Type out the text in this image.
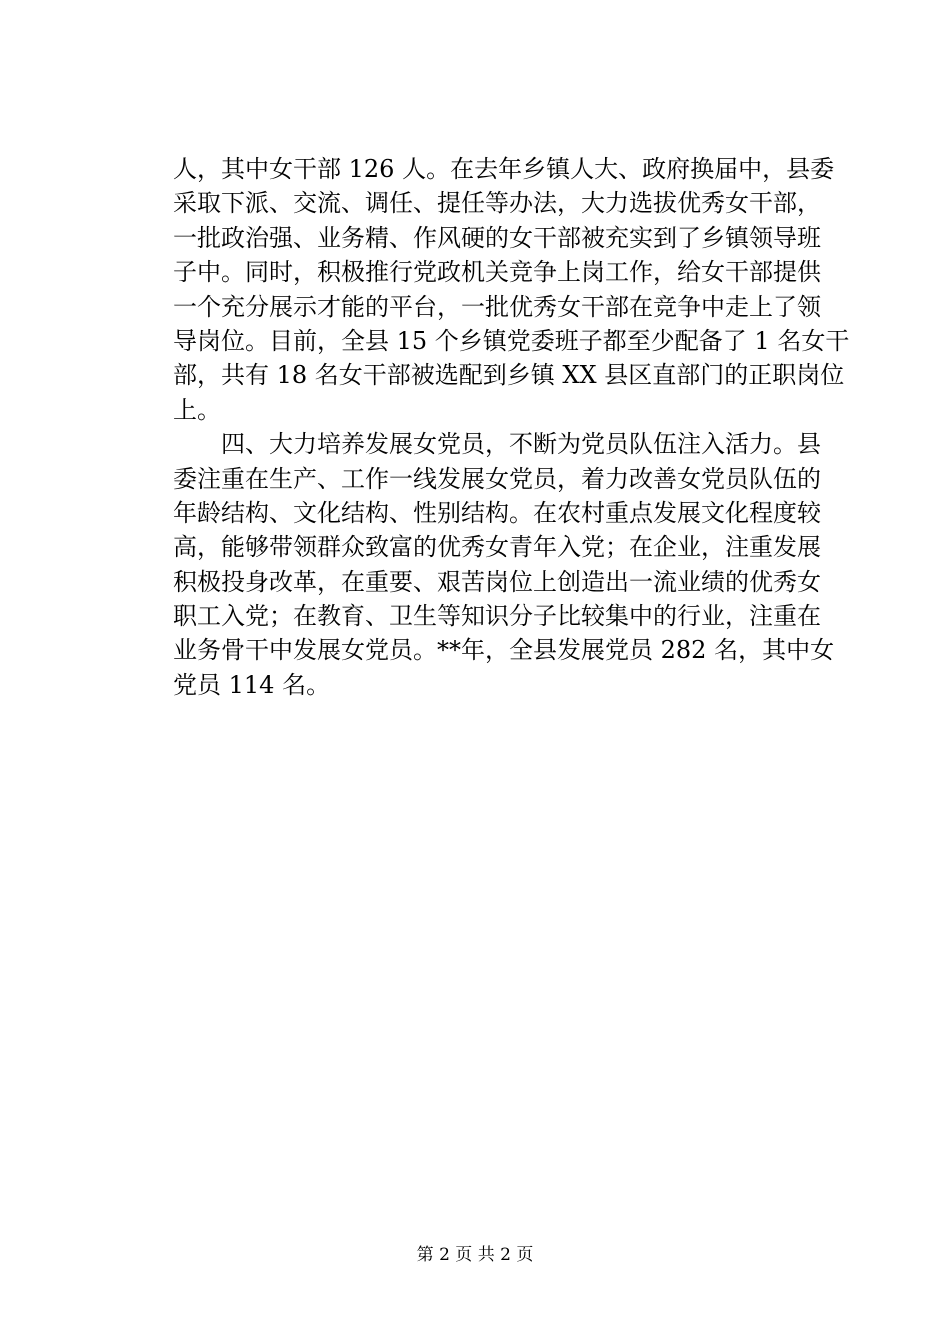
人，其中女干部 126 人。在去年乡镇人大、政府换届中，县委
采取下派、交流、调任、提任等办法，大力选拔优秀女干部，
一批政治强、业务精、作风硬的女干部被充实到了乡镇领导班
子中。同时，积极推行党政机关竞争上岗工作，给女干部提供
一个充分展示才能的平台，一批优秀女干部在竞争中走上了领
导岗位。目前，全县 15 个乡镇党委班子都至少配备了 1 名女干
部，共有 18 名女干部被选配到乡镇 XX 县区直部门的正职岗位
上。
　　四、大力培养发展女党员，不断为党员队伍注入活力。县
委注重在生产、工作一线发展女党员，着力改善女党员队伍的
年龄结构、文化结构、性别结构。在农村重点发展文化程度较
高，能够带领群众致富的优秀女青年入党；在企业，注重发展
积极投身改革，在重要、艰苦岗位上创造出一流业绩的优秀女
职工入党；在教育、卫生等知识分子比较集中的行业，注重在
业务骨干中发展女党员。**年，全县发展党员 282 名，其中女
党员 114 名。
第 2 页 共 2 页
